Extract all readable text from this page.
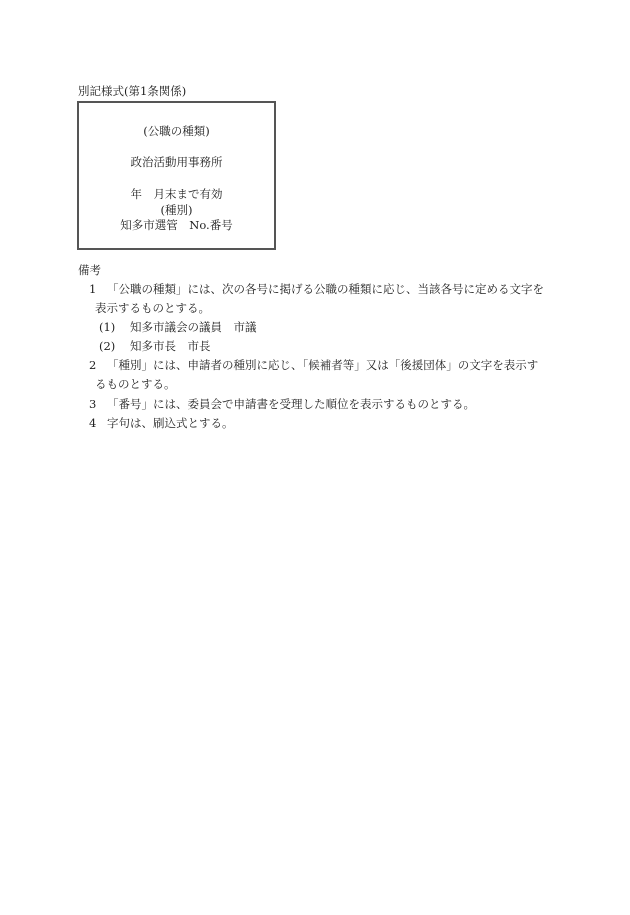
別記様式(第1条関係)
(公職の種類)
政治活動用事務所
年　月末まで有効
(種別)
知多市選管　No.番号
備考
1 「公職の種類」には、次の各号に掲げる公職の種類に応じ、当該各号に定める文字を
表示するものとする。
(1) 知多市議会の議員　市議
(2) 知多市長　市長
2 「種別」には、申請者の種別に応じ、「候補者等」又は「後援団体」の文字を表示す
るものとする。
3 「番号」には、委員会で申請書を受理した順位を表示するものとする。
4 字句は、刷込式とする。
